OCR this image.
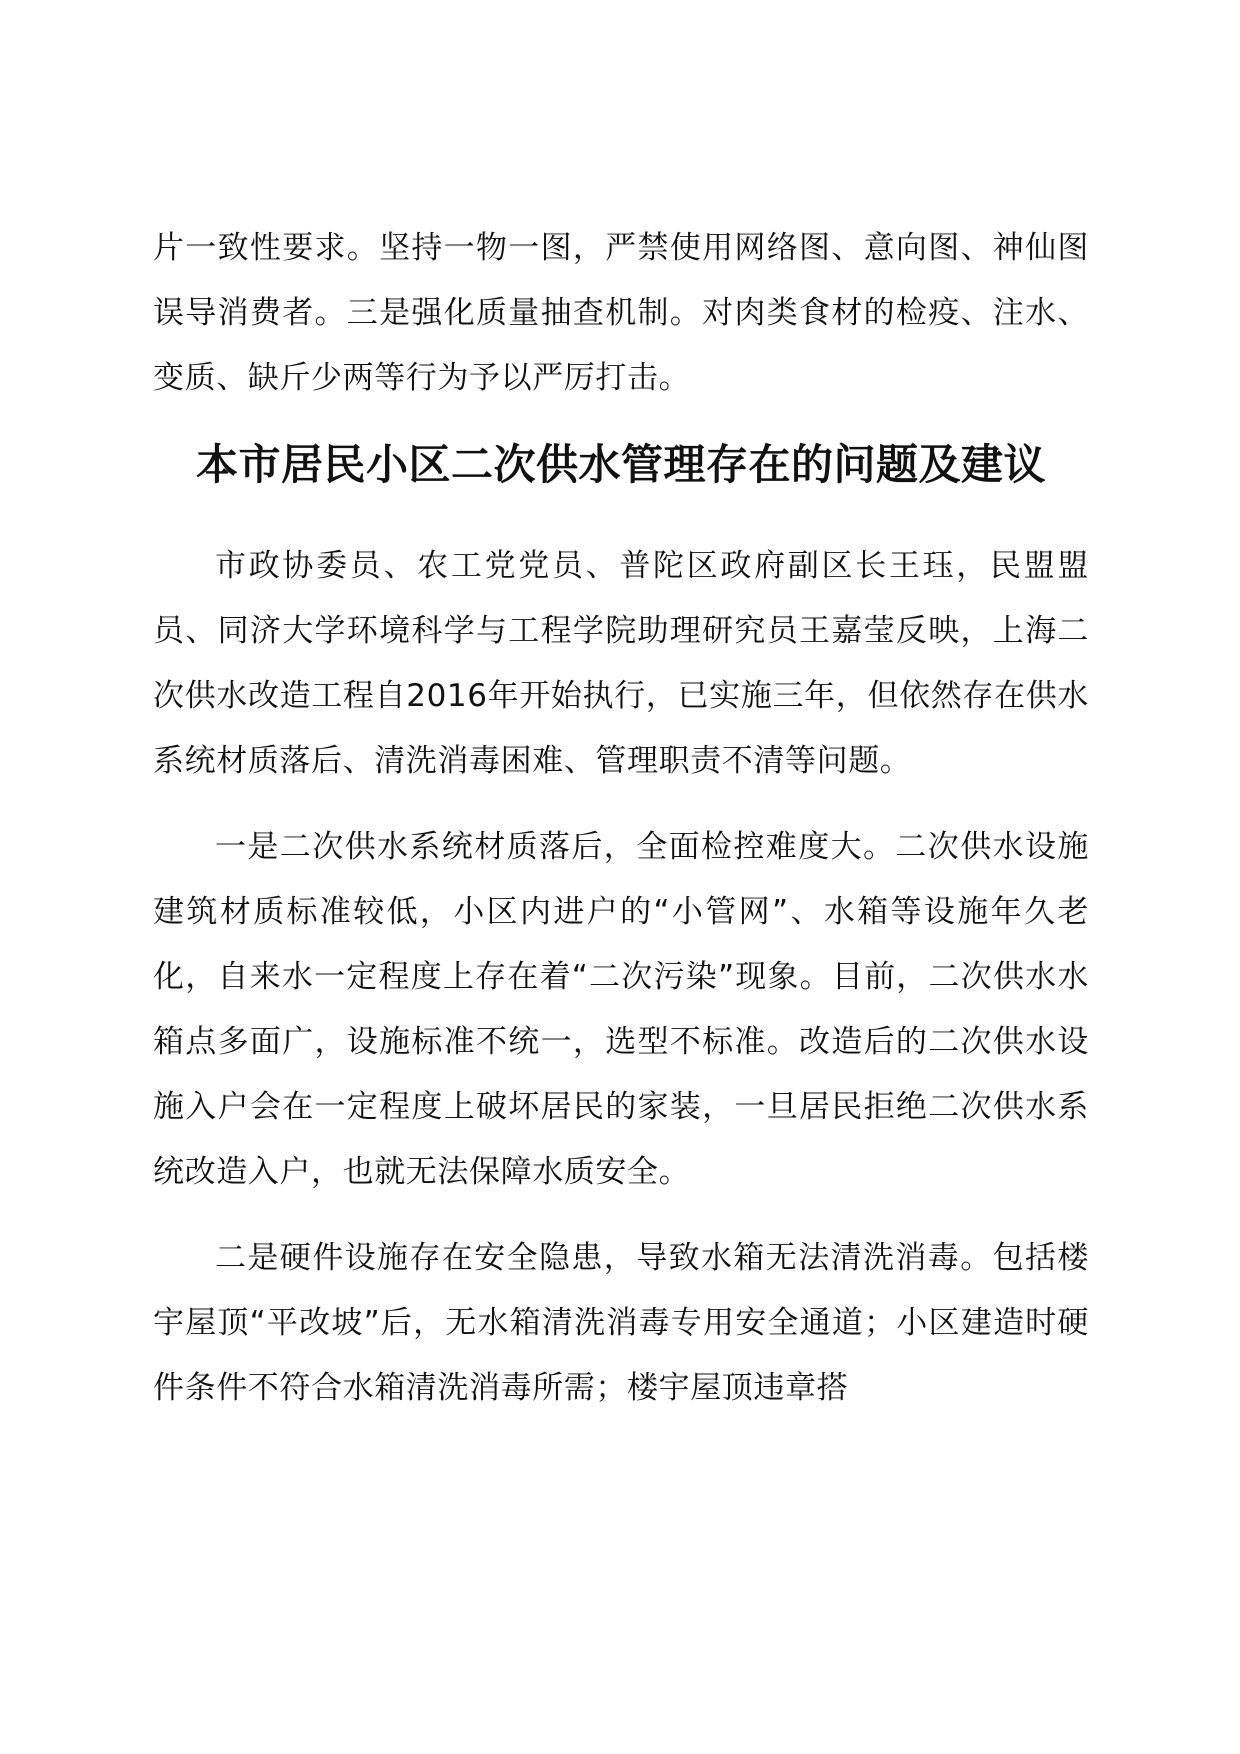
片一致性要求。坚持一物一图，严禁使用网络图、意向图、神仙图误导消费者。三是强化质量抽查机制。对肉类食材的检疫、注水、变质、缺斤少两等行为予以严厉打击。

本市居民小区二次供水管理存在的问题及建议

市政协委员、农工党党员、普陀区政府副区长王珏，民盟盟员、同济大学环境科学与工程学院助理研究员王嘉莹反映，上海二次供水改造工程自2016年开始执行，已实施三年，但依然存在供水系统材质落后、清洗消毒困难、管理职责不清等问题。

一是二次供水系统材质落后，全面检控难度大。二次供水设施建筑材质标准较低，小区内进户的“小管网”、水箱等设施年久老化，自来水一定程度上存在着“二次污染”现象。目前，二次供水水箱点多面广，设施标准不统一，选型不标准。改造后的二次供水设施入户会在一定程度上破坏居民的家装，一旦居民拒绝二次供水系统改造入户，也就无法保障水质安全。

二是硬件设施存在安全隐患，导致水箱无法清洗消毒。包括楼宇屋顶“平改坡”后，无水箱清洗消毒专用安全通道；小区建造时硬件条件不符合水箱清洗消毒所需；楼宇屋顶违章搭
